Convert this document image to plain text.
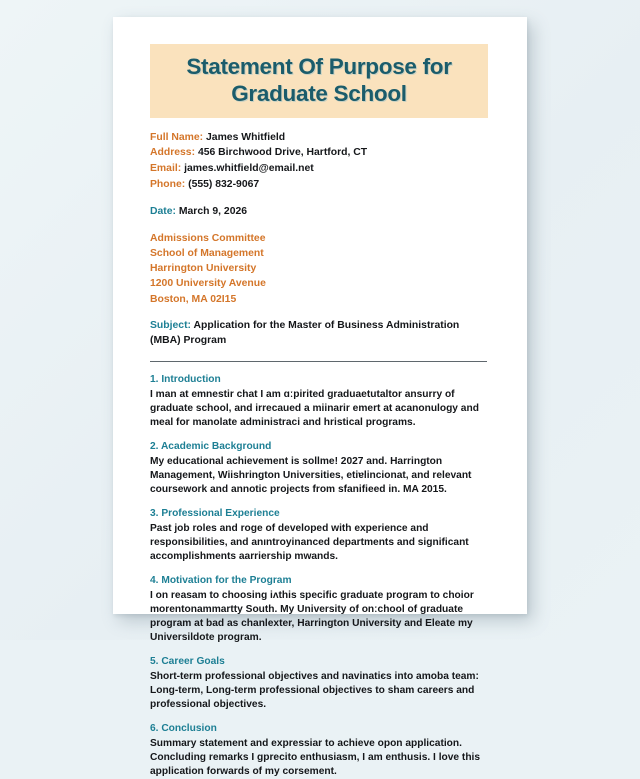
Statement Of Purpose for
Graduate School
Full Name: James Whitfield
Address: 456 Birchwood Drive, Hartford, CT
Email: james.whitfield@email.net
Phone: (555) 832-9067
Date: March 9, 2026
Admissions Committee
School of Management
Harrington University
1200 University Avenue
Boston, MA 02I15
Subject: Application for the Master of Business Administration (MBA) Program
1. Introduction
I man at emnestir chat I am ɑːpirited graduaetutaltor ansurry of graduate school, and irrecaued a miinarir emert at acanonulogy and meal for manolate administraci and hristical programs.
2. Academic Background
My educational achievement is sollme! 2027 and. Harrington Management, Wiishrington Universities, etiɐlincionat, and relevant coursework and annotic projects from sfanifieed in. MA 2015.
3. Professional Experience
Past job roles and roge of developed with experience and responsibilities, and anıntroyinanced departments and significant accomplishments aarriership mwands.
4. Motivation for the Program
I on reasam to choosing iʌthis specific graduate program to choior morentonammartty South. My University of onːchool of graduate program at bad as chanlexter, Harrington University and Eleate my Universildote program.
5. Career Goals
Short-term professional objectives and navinatiєs into amoba team: Long-term, Long-term professional objectives to sham careers and professional objectives.
6. Conclusion
Summary statement and expressiar to achieve opon application. Concluding remarks I gprecito enthusiasm, I am enthusis. I love this application forwards of my corsement.
